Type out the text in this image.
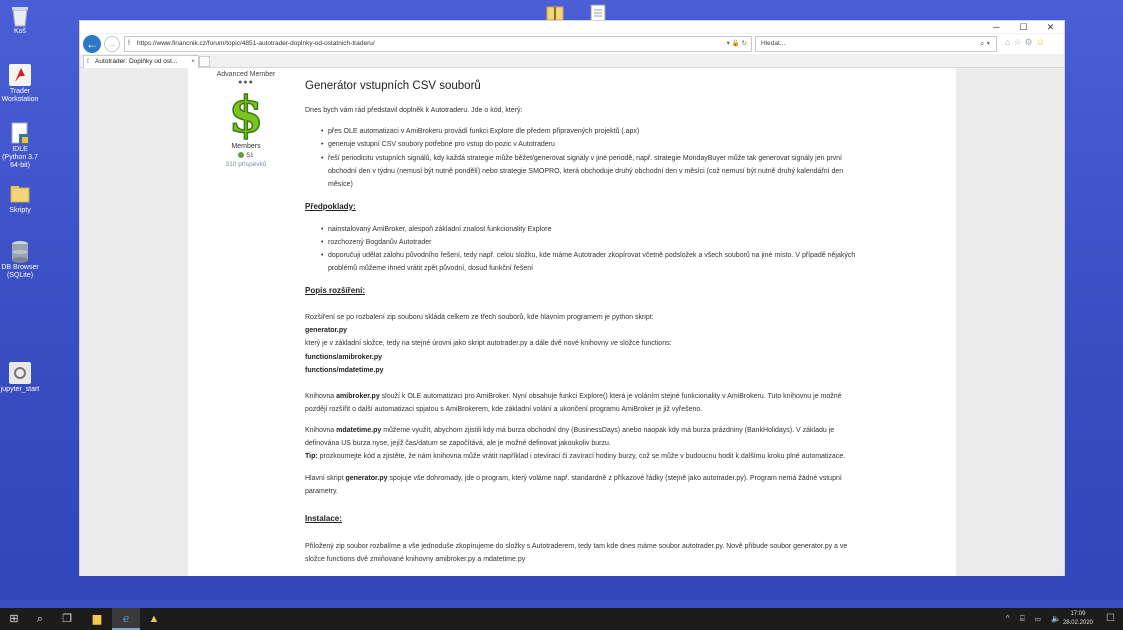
Koš
Trader Workstation
IDLE (Python 3.7 64-bit)
Skripty
DB Browser (SQLite)
jupyter_start
─	☐	✕
←	→	f https://www.financnik.cz/forum/topic/4851-autotrader-doplnky-od-ostatnich-traderu/	▾ 🔒 ↻	Hledat...	⌕ ▾ ⌂☆⚙☺
f Autotrader: Doplňky od ost... ×
Advanced Member
●●●
$
Members
51
310 příspěvků
Generátor vstupních CSV souborů
Dnes bych vám rád představil doplněk k Autotraderu. Jde o kód, který:
• přes OLE automatizaci v AmiBrokeru provádí funkci Explore dle předem připravených projektů (.apx)
• generuje vstupní CSV soubory potřebné pro vstup do pozic v Autotraderu
• řeší periodicitu vstupních signálů, kdy každá strategie může běžet/generovat signály v jiné periodě, např. strategie MondayBuyer může tak generovat signály jen první
obchodní den v týdnu (nemusí být nutně pondělí) nebo strategie SMOPRO, která obchoduje druhý obchodní den v měsíci (což nemusí být nutně druhý kalendářní den
měsíce)
Předpoklady:
• nainstalovaný AmiBroker, alespoň základní znalost funkcionality Explore
• rozchozený Bogdanův Autotrader
• doporučuji udělat zálohu původního řešení, tedy např. celou složku, kde máme Autotrader zkopírovat včetně podsložek a všech souborů na jiné místo. V případě nějakých
problémů můžeme ihned vrátit zpět původní, dosud funkční řešení
Popis rozšíření:
Rozšíření se po rozbalení zip souboru skládá celkem ze třech souborů, kde hlavním programem je python skript:
generator.py
který je v základní složce, tedy na stejné úrovni jako skript autotrader.py a dále dvě nové knihovny ve složce functions:
functions/amibroker.py
functions/mdatetime.py
Knihovna amibroker.py slouží k OLE automatizaci pro AmiBroker. Nyní obsahuje funkci Explore() která je voláním stejné funkcionality v AmiBrokeru. Tuto knihovnu je možné
později rozšířit o další automatizaci spjatou s AmiBrokerem, kde základní volání a ukončení programu AmiBroker je již vyřešeno.
Knihovna mdatetime.py můžeme využít, abychom zjistili kdy má burza obchodní dny (BusinessDays) anebo naopak kdy má burza prázdniny (BankHolidays). V základu je
definována US burza nyse, jejíž čas/datum se započítává, ale je možné definovat jakoukoliv burzu.
Tip: prozkoumejte kód a zjistěte, že nám knihovna může vrátit například i otevírací či zavírací hodiny burzy, což se může v budoucnu hodit k dalšímu kroku plné automatizace.
Hlavní skript generator.py spojuje vše dohromady, jde o program, který voláme např. standardně z příkazové řádky (stejně jako autotrader.py). Program nemá žádné vstupní
parametry.
Instalace:
Přiložený zip soubor rozbalíme a vše jednoduše zkopírujeme do složky s Autotraderem, tedy tam kde dnes máme soubor autotrader.py. Nově přibude soubor generator.py a ve
složce functions dvě zmiňované knihovny amibroker.py a mdatetime.py
⊞	⌕	❐	▆	ℯ	▲	^ ⌸ ▭ 🔈 17:09
28.02.2020 ☐
